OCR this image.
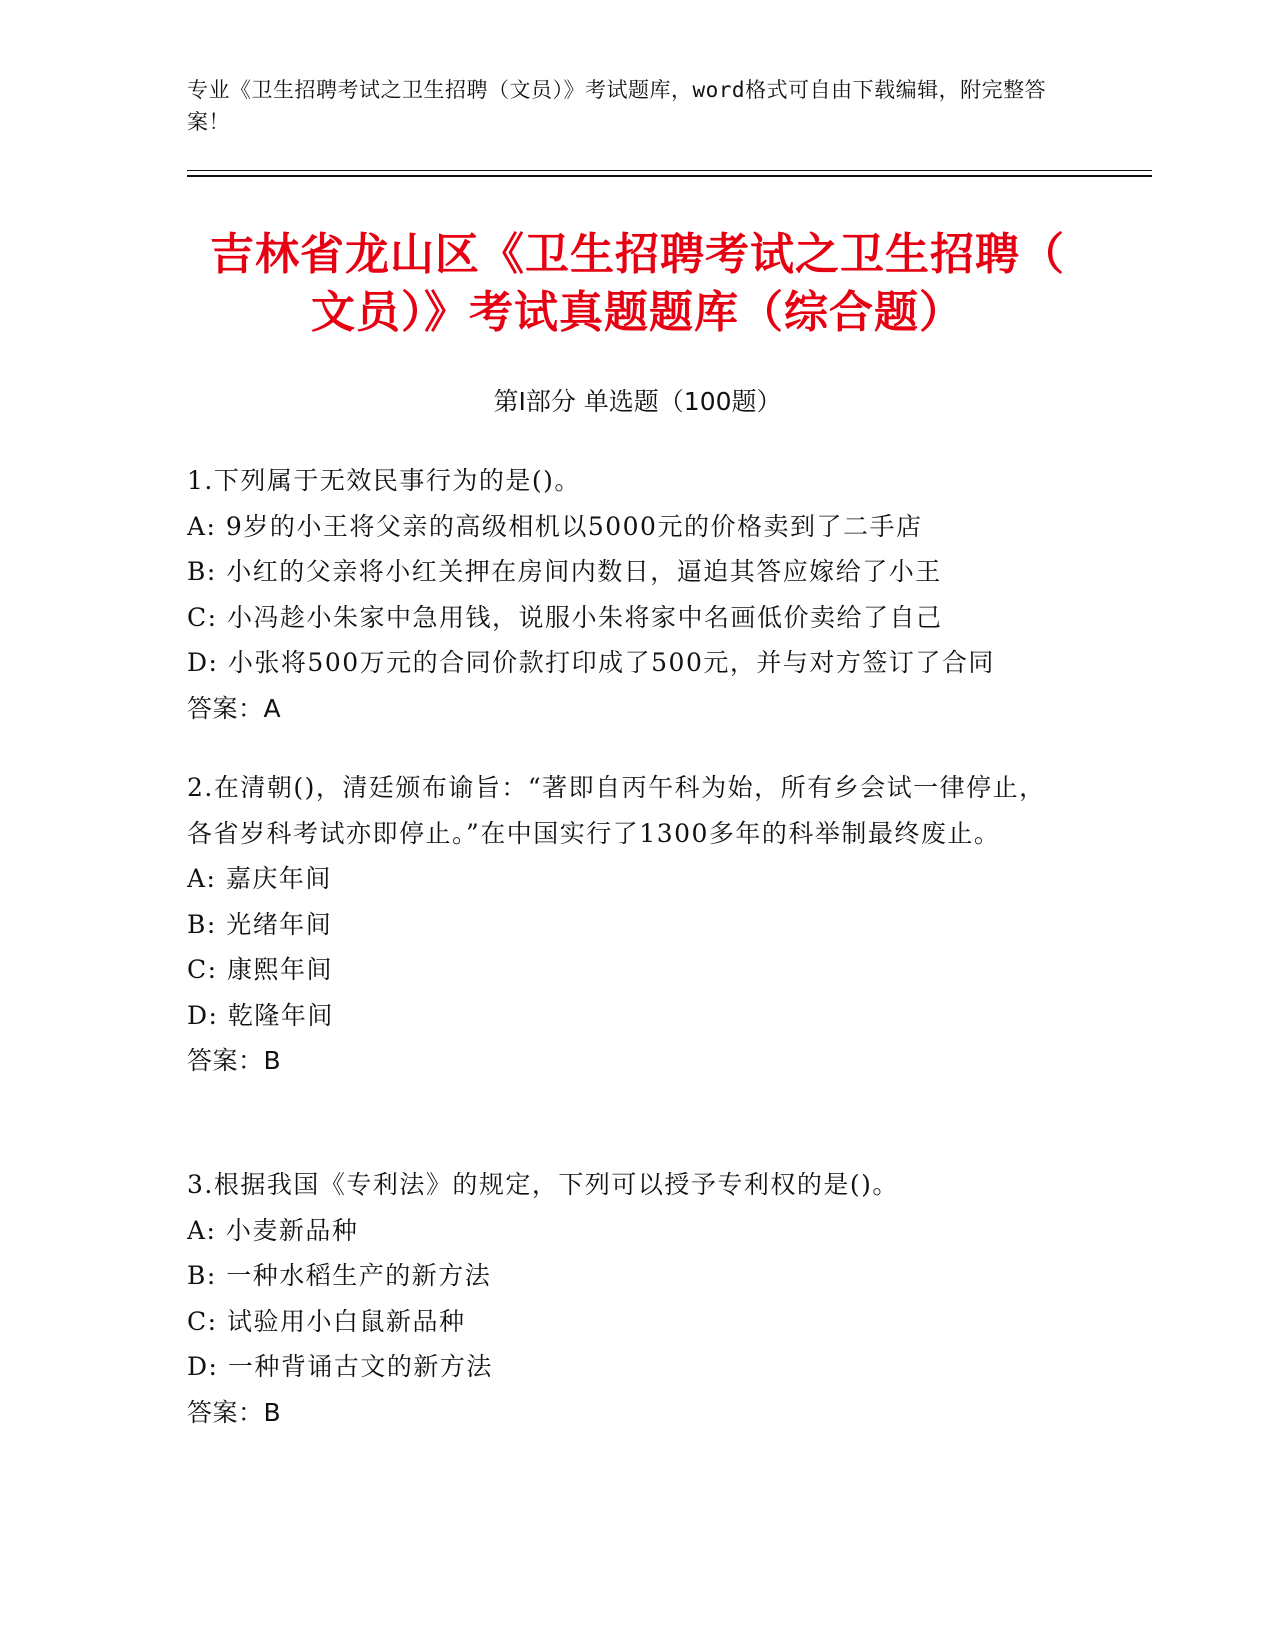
专业《卫生招聘考试之卫生招聘（文员）》考试题库，word格式可自由下载编辑，附完整答案！
吉林省龙山区《卫生招聘考试之卫生招聘（
文员）》考试真题题库（综合题）
第Ⅰ部分 单选题（100题）
1.下列属于无效民事行为的是()。
A: 9岁的小王将父亲的高级相机以5000元的价格卖到了二手店
B: 小红的父亲将小红关押在房间内数日，逼迫其答应嫁给了小王
C: 小冯趁小朱家中急用钱，说服小朱将家中名画低价卖给了自己
D: 小张将500万元的合同价款打印成了500元，并与对方签订了合同
答案：A
2.在清朝()，清廷颁布谕旨：“著即自丙午科为始，所有乡会试一律停止，各省岁科考试亦即停止。”在中国实行了1300多年的科举制最终废止。
A: 嘉庆年间
B: 光绪年间
C: 康熙年间
D: 乾隆年间
答案：B
3.根据我国《专利法》的规定，下列可以授予专利权的是()。
A: 小麦新品种
B: 一种水稻生产的新方法
C: 试验用小白鼠新品种
D: 一种背诵古文的新方法
答案：B
